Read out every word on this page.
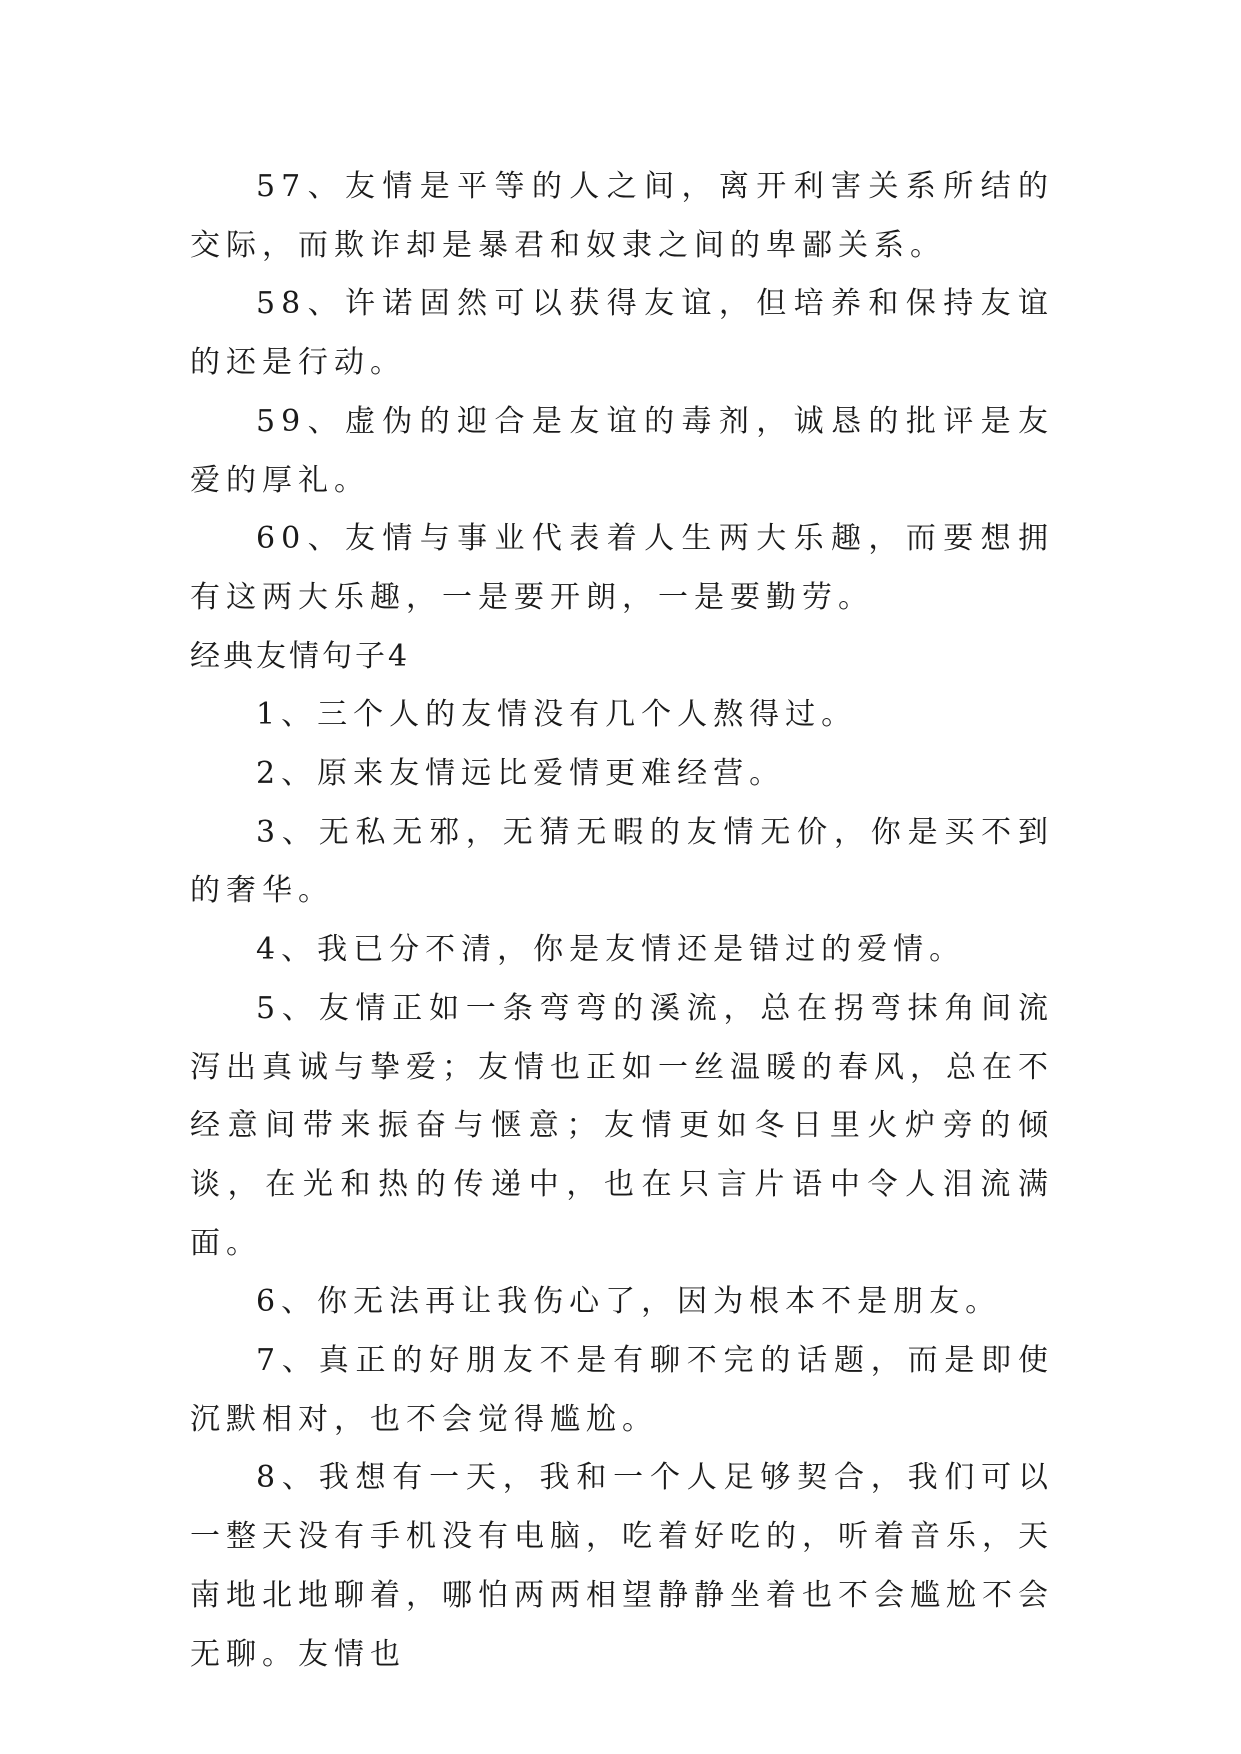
57、友情是平等的人之间，离开利害关系所结的交际，而欺诈却是暴君和奴隶之间的卑鄙关系。

58、许诺固然可以获得友谊，但培养和保持友谊的还是行动。

59、虚伪的迎合是友谊的毒剂，诚恳的批评是友爱的厚礼。

60、友情与事业代表着人生两大乐趣，而要想拥有这两大乐趣，一是要开朗，一是要勤劳。

经典友情句子4

1、三个人的友情没有几个人熬得过。

2、原来友情远比爱情更难经营。

3、无私无邪，无猜无暇的友情无价，你是买不到的奢华。

4、我已分不清，你是友情还是错过的爱情。

5、友情正如一条弯弯的溪流，总在拐弯抹角间流泻出真诚与挚爱；友情也正如一丝温暖的春风，总在不经意间带来振奋与惬意；友情更如冬日里火炉旁的倾谈，在光和热的传递中，也在只言片语中令人泪流满面。

6、你无法再让我伤心了，因为根本不是朋友。

7、真正的好朋友不是有聊不完的话题，而是即使沉默相对，也不会觉得尴尬。

8、我想有一天，我和一个人足够契合，我们可以一整天没有手机没有电脑，吃着好吃的，听着音乐，天南地北地聊着，哪怕两两相望静静坐着也不会尴尬不会无聊。友情也
